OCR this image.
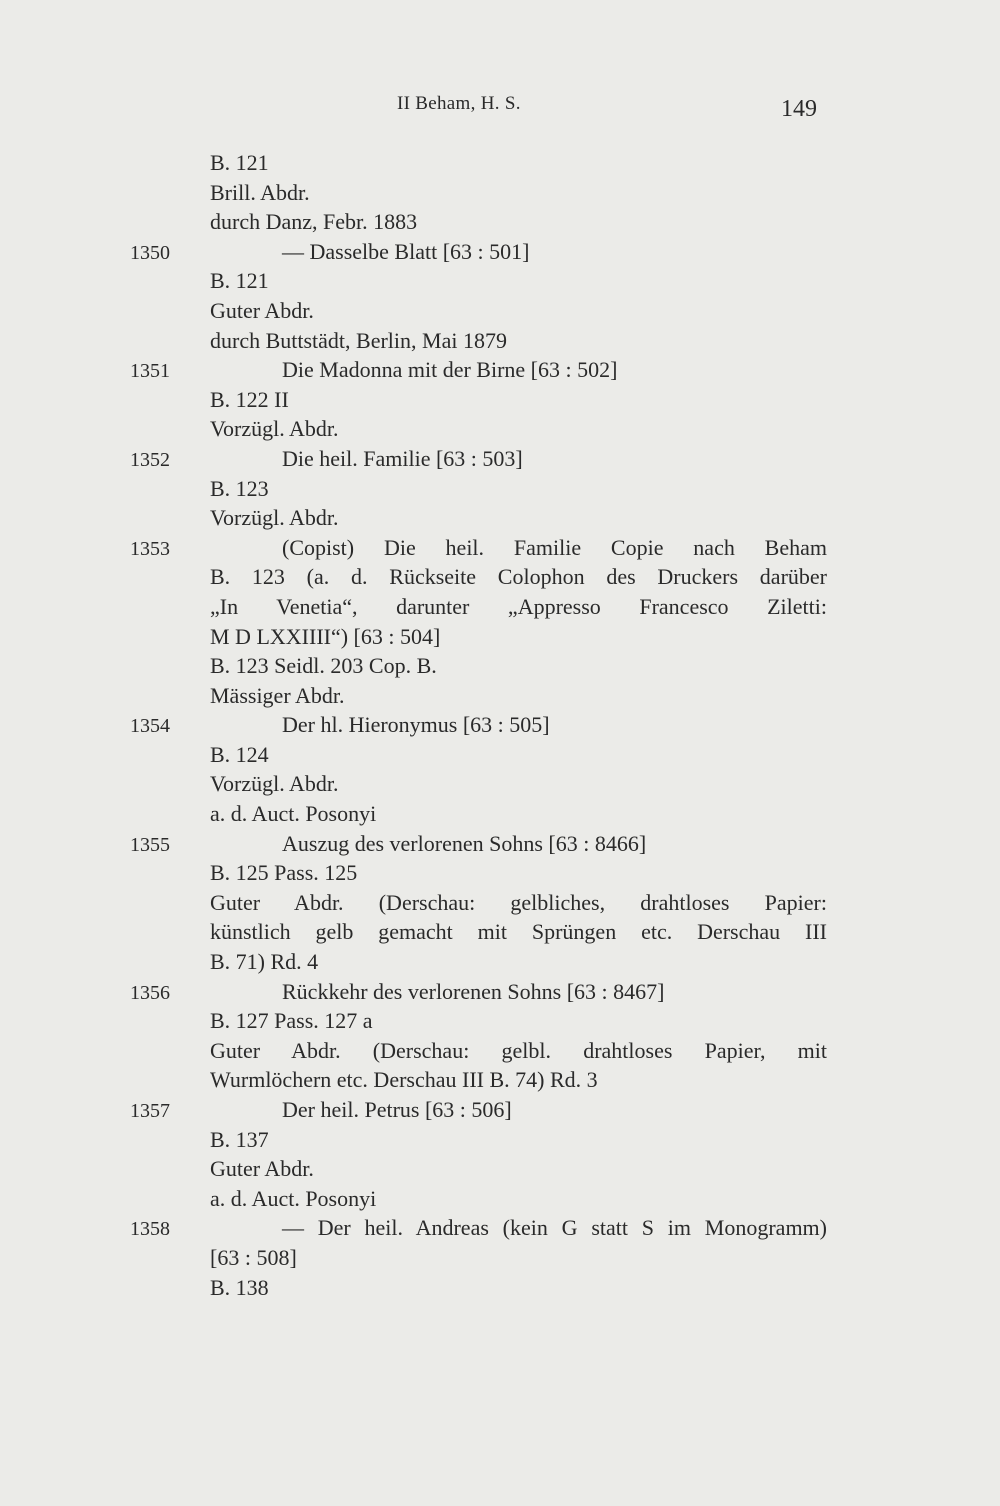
II Beham, H. S.	149
B. 121
Brill. Abdr.
durch Danz, Febr. 1883
1350	— Dasselbe Blatt [63 : 501]
B. 121
Guter Abdr.
durch Buttstädt, Berlin, Mai 1879
1351	Die Madonna mit der Birne [63 : 502]
B. 122 II
Vorzügl. Abdr.
1352	Die heil. Familie [63 : 503]
B. 123
Vorzügl. Abdr.
1353	(Copist) Die heil. Familie Copie nach Beham
B. 123 (a. d. Rückseite Colophon des Druckers darüber
„In Venetia“, darunter „Appresso Francesco Ziletti:
M D LXXIIII“) [63 : 504]
B. 123 Seidl. 203 Cop. B.
Mässiger Abdr.
1354	Der hl. Hieronymus [63 : 505]
B. 124
Vorzügl. Abdr.
a. d. Auct. Posonyi
1355	Auszug des verlorenen Sohns [63 : 8466]
B. 125 Pass. 125
Guter Abdr. (Derschau: gelbliches, drahtloses Papier:
künstlich gelb gemacht mit Sprüngen etc. Derschau III
B. 71) Rd. 4
1356	Rückkehr des verlorenen Sohns [63 : 8467]
B. 127 Pass. 127 a
Guter Abdr. (Derschau: gelbl. drahtloses Papier, mit
Wurmlöchern etc. Derschau III B. 74) Rd. 3
1357	Der heil. Petrus [63 : 506]
B. 137
Guter Abdr.
a. d. Auct. Posonyi
1358	— Der heil. Andreas (kein G statt S im Monogramm)
[63 : 508]
B. 138
